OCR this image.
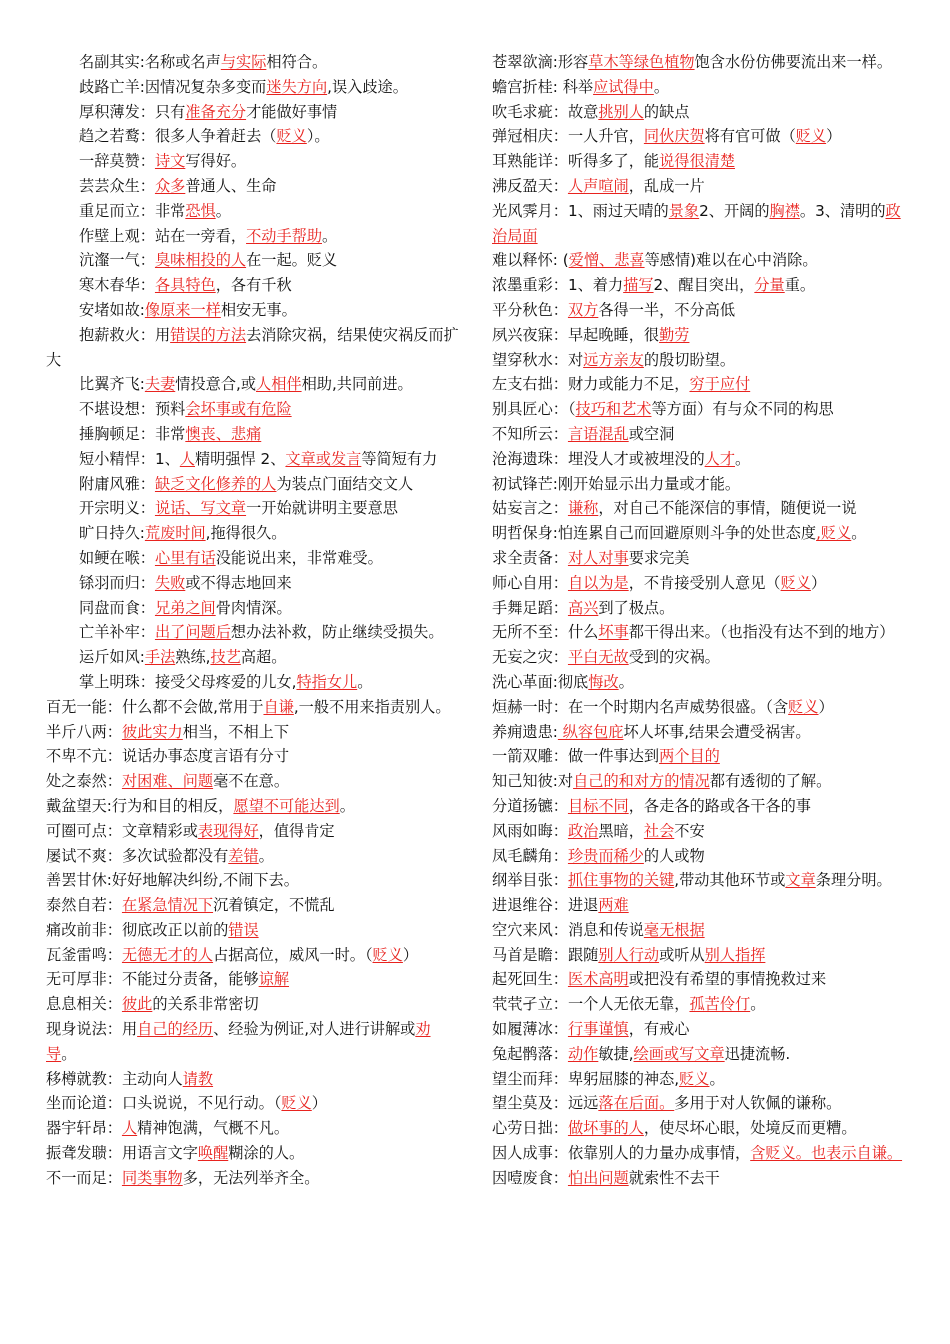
名副其实:名称或名声与实际相符合。

歧路亡羊:因情况复杂多变而迷失方向,误入歧途。

厚积薄发：只有准备充分才能做好事情

趋之若鹜：很多人争着赶去（贬义）。

一辞莫赞：诗文写得好。

芸芸众生：众多普通人、生命

重足而立：非常恐惧。

作壁上观：站在一旁看，不动手帮助。

沆瀣一气：臭味相投的人在一起。贬义

寒木春华：各具特色，各有千秋

安堵如故:像原来一样相安无事。

抱薪救火：用错误的方法去消除灾祸，结果使灾祸反而扩大

比翼齐飞:夫妻情投意合,或人相伴相助,共同前进。

不堪设想：预料会坏事或有危险

捶胸顿足：非常懊丧、悲痛

短小精悍：1、人精明强悍 2、文章或发言等简短有力

附庸风雅：缺乏文化修养的人为装点门面结交文人

开宗明义：说话、写文章一开始就讲明主要意思

旷日持久:荒废时间,拖得很久。

如鲠在喉：心里有话没能说出来，非常难受。

铩羽而归：失败或不得志地回来

同盘而食：兄弟之间骨肉情深。

亡羊补牢：出了问题后想办法补救，防止继续受损失。

运斤如风:手法熟练,技艺高超。

掌上明珠：接受父母疼爱的儿女,特指女儿。

百无一能：什么都不会做,常用于自谦,一般不用来指责别人。

半斤八两：彼此实力相当，不相上下

不卑不亢：说话办事态度言语有分寸

处之泰然：对困难、问题毫不在意。

戴盆望天:行为和目的相反，愿望不可能达到。

可圈可点：文章精彩或表现得好，值得肯定

屡试不爽：多次试验都没有差错。

善罢甘休:好好地解决纠纷,不闹下去。

泰然自若：在紧急情况下沉着镇定，不慌乱

痛改前非：彻底改正以前的错误

瓦釜雷鸣：无德无才的人占据高位，威风一时。（贬义）

无可厚非：不能过分责备，能够谅解

息息相关：彼此的关系非常密切

现身说法：用自己的经历、经验为例证,对人进行讲解或劝导。

移樽就教：主动向人请教

坐而论道：口头说说，不见行动。（贬义）

器宇轩昂：人精神饱满，气概不凡。

振聋发聩：用语言文字唤醒糊涂的人。

不一而足：同类事物多，无法列举齐全。

苍翠欲滴:形容草木等绿色植物饱含水份仿佛要流出来一样。

蟾宫折桂: 科举应试得中。

吹毛求疵：故意挑别人的缺点

弹冠相庆：一人升官，同伙庆贺将有官可做（贬义）

耳熟能详：听得多了，能说得很清楚

沸反盈天：人声喧闹，乱成一片

光风霁月：1、雨过天晴的景象2、开阔的胸襟。3、清明的政治局面

难以释怀: (爱憎、悲喜等感情)难以在心中消除。

浓墨重彩：1、着力描写2、醒目突出，分量重。

平分秋色：双方各得一半，不分高低

夙兴夜寐：早起晚睡，很勤劳

望穿秋水：对远方亲友的殷切盼望。

左支右拙：财力或能力不足，穷于应付

别具匠心：（技巧和艺术等方面）有与众不同的构思

不知所云：言语混乱或空洞

沧海遗珠：埋没人才或被埋没的人才。

初试锋芒:刚开始显示出力量或才能。

姑妄言之：谦称，对自己不能深信的事情，随便说一说

明哲保身:怕连累自己而回避原则斗争的处世态度,贬义。

求全责备：对人对事要求完美

师心自用：自以为是，不肯接受别人意见（贬义）

手舞足蹈：高兴到了极点。

无所不至：什么坏事都干得出来。（也指没有达不到的地方）

无妄之灾：平白无故受到的灾祸。

洗心革面:彻底悔改。

烜赫一时：在一个时期内名声威势很盛。（含贬义）

养痈遗患: 纵容包庇坏人坏事,结果会遭受祸害。

一箭双雕：做一件事达到两个目的

知己知彼:对自己的和对方的情况都有透彻的了解。

分道扬镳：目标不同，各走各的路或各干各的事

风雨如晦：政治黑暗，社会不安

凤毛麟角：珍贵而稀少的人或物

纲举目张：抓住事物的关键,带动其他环节或文章条理分明。

进退维谷：进退两难

空穴来风：消息和传说毫无根据

马首是瞻：跟随别人行动或听从别人指挥

起死回生：医术高明或把没有希望的事情挽救过来

茕茕孑立：一个人无依无靠，孤苦伶仃。

如履薄冰：行事谨慎，有戒心

兔起鹘落：动作敏捷,绘画或写文章迅捷流畅.

望尘而拜：卑躬屈膝的神态,贬义。

望尘莫及：远远落在后面。多用于对人钦佩的谦称。

心劳日拙：做坏事的人，使尽坏心眼，处境反而更糟。

因人成事：依靠别人的力量办成事情，含贬义。也表示自谦。

因噎废食：怕出问题就索性不去干
